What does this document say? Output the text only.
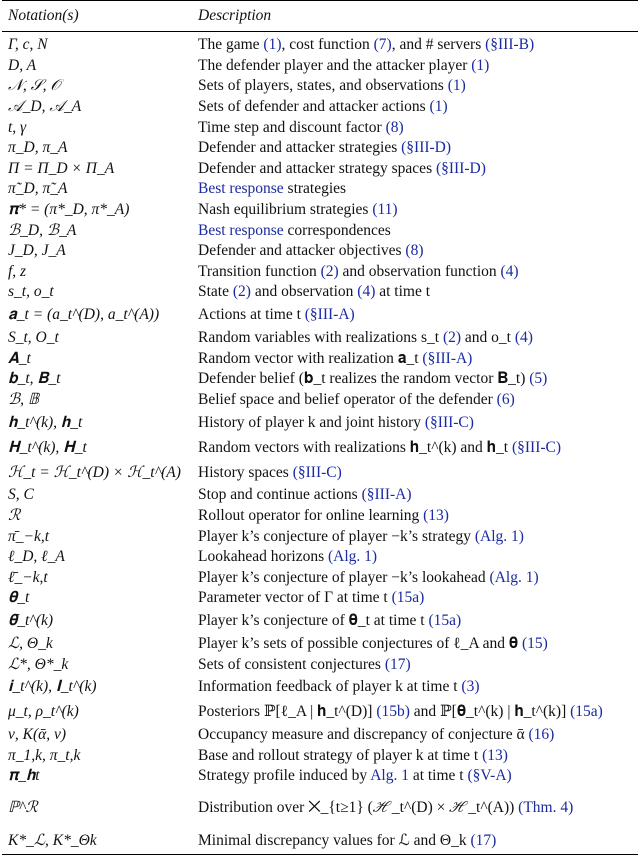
Notation(s)	Description
Γ, c, N	The game (1), cost function (7), and # servers (§III-B)
D, A	The defender player and the attacker player (1)
𝒩, 𝒮, 𝒪	Sets of players, states, and observations (1)
𝒜_D, 𝒜_A	Sets of defender and attacker actions (1)
t, γ	Time step and discount factor (8)
π_D, π_A	Defender and attacker strategies (§III-D)
Π = Π_D × Π_A	Defender and attacker strategy spaces (§III-D)
π̃_D, π̃_A	Best response strategies
𝛑* = (π*_D, π*_A)	Nash equilibrium strategies (11)
ℬ_D, ℬ_A	Best response correspondences
J_D, J_A	Defender and attacker objectives (8)
f, z	Transition function (2) and observation function (4)
s_t, o_t	State (2) and observation (4) at time t
𝐚_t = (a_t^(D), a_t^(A))	Actions at time t (§III-A)
S_t, O_t	Random variables with realizations s_t (2) and o_t (4)
𝐀_t	Random vector with realization 𝐚_t (§III-A)
𝐛_t, 𝐁_t	Defender belief (𝐛_t realizes the random vector 𝐁_t) (5)
ℬ, 𝔹	Belief space and belief operator of the defender (6)
𝐡_t^(k), 𝐡_t	History of player k and joint history (§III-C)
𝐇_t^(k), 𝐇_t	Random vectors with realizations 𝐡_t^(k) and 𝐡_t (§III-C)
ℋ_t = ℋ_t^(D) × ℋ_t^(A)	History spaces (§III-C)
S, C	Stop and continue actions (§III-A)
ℛ	Rollout operator for online learning (13)
π̄_−k,t	Player k’s conjecture of player −k’s strategy (Alg. 1)
ℓ_D, ℓ_A	Lookahead horizons (Alg. 1)
ℓ̄_−k,t	Player k’s conjecture of player −k’s lookahead (Alg. 1)
𝛉_t	Parameter vector of Γ at time t (15a)
𝛉̄_t^(k)	Player k’s conjecture of 𝛉_t at time t (15a)
ℒ, Θ_k	Player k’s sets of possible conjectures of ℓ_A and 𝛉 (15)
ℒ*, Θ*_k	Sets of consistent conjectures (17)
𝐢_t^(k), 𝐈_t^(k)	Information feedback of player k at time t (3)
μ_t, ρ_t^(k)	Posteriors ℙ[ℓ_A | 𝐡_t^(D)] (15b) and ℙ[𝛉_t^(k) | 𝐡_t^(k)] (15a)
ν, K(ᾱ, ν)	Occupancy measure and discrepancy of conjecture ᾱ (16)
π_1,k, π_t,k	Base and rollout strategy of player k at time t (13)
𝛑_𝐡t	Strategy profile induced by Alg. 1 at time t (§V-A)
ℙ^ℛ	Distribution over ⨉_{t≥1} (ℋ_t^(D) × ℋ_t^(A)) (Thm. 4)
K*_ℒ, K*_Θk	Minimal discrepancy values for ℒ and Θ_k (17)
